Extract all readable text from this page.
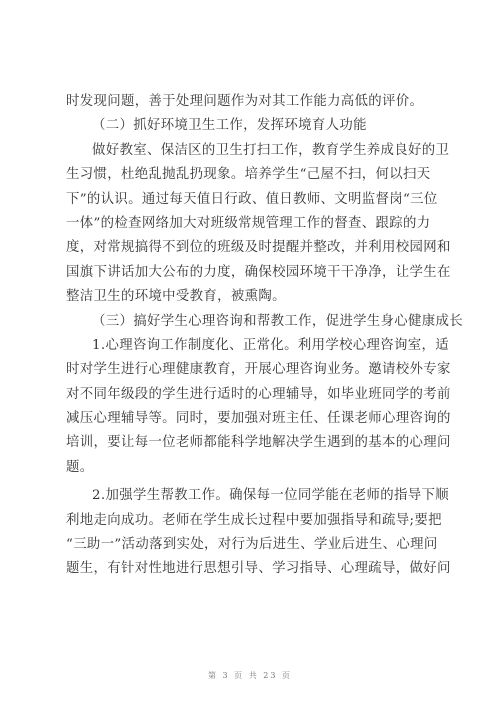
时发现问题，善于处理问题作为对其工作能力高低的评价。
（二）抓好环境卫生工作，发挥环境育人功能
做好教室、保洁区的卫生打扫工作，教育学生养成良好的卫
生习惯，杜绝乱抛乱扔现象。培养学生“己屋不扫，何以扫天
下”的认识。通过每天值日行政、值日教师、文明监督岗“三位
一体”的检查网络加大对班级常规管理工作的督查、跟踪的力
度，对常规搞得不到位的班级及时提醒并整改，并利用校园网和
国旗下讲话加大公布的力度，确保校园环境干干净净，让学生在
整洁卫生的环境中受教育，被熏陶。
（三）搞好学生心理咨询和帮教工作，促进学生身心健康成长
1.心理咨询工作制度化、正常化。利用学校心理咨询室，适
时对学生进行心理健康教育，开展心理咨询业务。邀请校外专家
对不同年级段的学生进行适时的心理辅导，如毕业班同学的考前
减压心理辅导等。同时，要加强对班主任、任课老师心理咨询的
培训，要让每一位老师都能科学地解决学生遇到的基本的心理问
题。
2.加强学生帮教工作。确保每一位同学能在老师的指导下顺
利地走向成功。老师在学生成长过程中要加强指导和疏导;要把
“三助一”活动落到实处，对行为后进生、学业后进生、心理问
题生，有针对性地进行思想引导、学习指导、心理疏导，做好问
第 3 页 共 23 页
